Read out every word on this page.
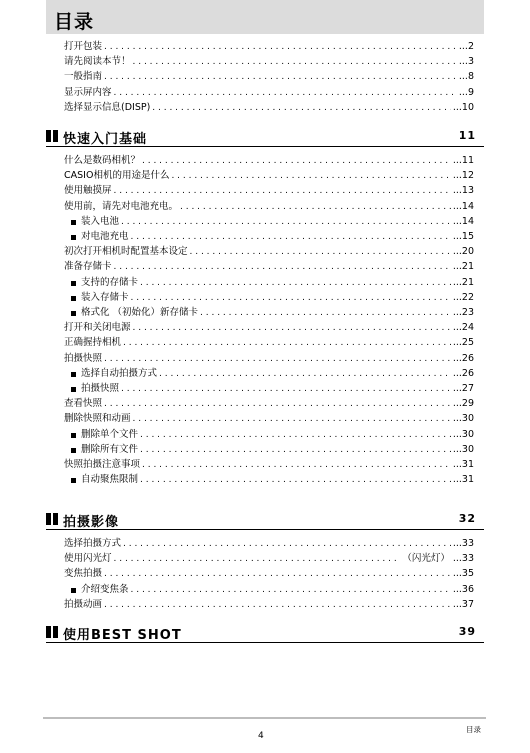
目录
打开包装 . . .	...2
请先阅读本节！ . . .	...3
一般指南 . . .	...8
显示屏内容 . . .	...9
选择显示信息(DISP) . . .	...10
快速入门基础	11
什么是数码相机？ . . .	...11
CASIO相机的用途是什么 . . .	...12
使用触摸屏 . . .	...13
使用前，请先对电池充电。 . . .	...14
装入电池 . . .	...14
对电池充电 . . .	...15
初次打开相机时配置基本设定 . . .	...20
准备存储卡 . . .	...21
支持的存储卡 . . .	...21
装入存储卡 . . .	...22
格式化 （初始化）新存储卡 . . .	...23
打开和关闭电源 . . .	...24
正确握持相机 . . .	...25
拍摄快照 . . .	...26
选择自动拍摄方式 . . .	...26
拍摄快照 . . .	...27
查看快照 . . .	...29
删除快照和动画 . . .	...30
删除单个文件 . . .	...30
删除所有文件 . . .	...30
快照拍摄注意事项 . . .	...31
自动聚焦限制 . . .	...31
拍摄影像	32
选择拍摄方式 . . .	...33
使用闪光灯 . . .	（闪光灯） ...33
变焦拍摄 . . .	...35
介绍变焦条 . . .	...36
拍摄动画 . . .	...37
使用BEST SHOT	39
4
目录
